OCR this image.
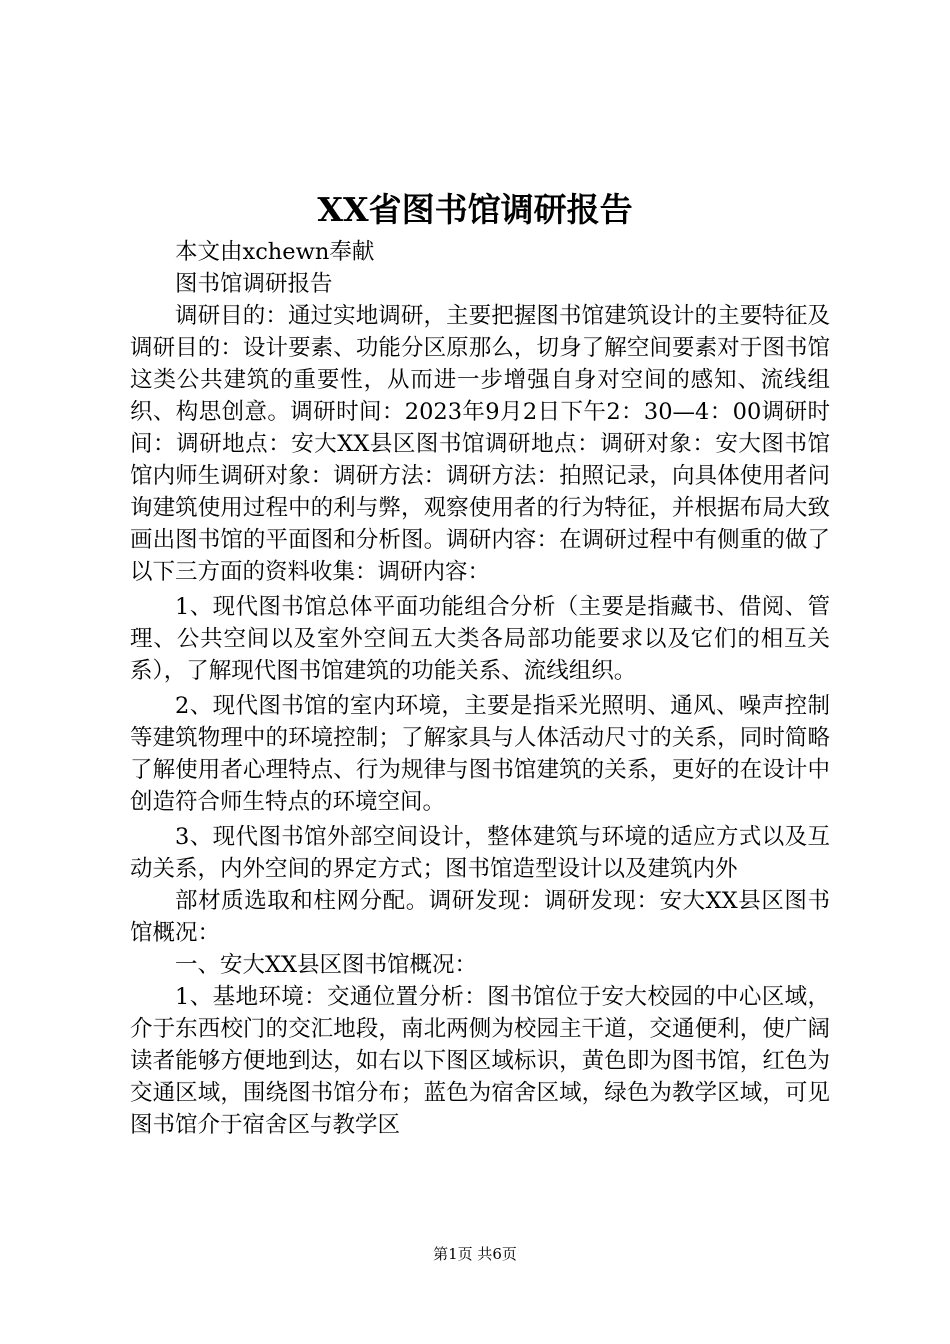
XX省图书馆调研报告

本文由xchewn奉献

图书馆调研报告

调研目的：通过实地调研，主要把握图书馆建筑设计的主要特征及调研目的：设计要素、功能分区原那么，切身了解空间要素对于图书馆这类公共建筑的重要性，从而进一步增强自身对空间的感知、流线组织、构思创意。调研时间：2023年9月2日下午2：30—4：00调研时间：调研地点：安大XX县区图书馆调研地点：调研对象：安大图书馆馆内师生调研对象：调研方法：调研方法：拍照记录，向具体使用者问询建筑使用过程中的利与弊，观察使用者的行为特征，并根据布局大致画出图书馆的平面图和分析图。调研内容：在调研过程中有侧重的做了以下三方面的资料收集：调研内容：

1、现代图书馆总体平面功能组合分析（主要是指藏书、借阅、管理、公共空间以及室外空间五大类各局部功能要求以及它们的相互关系），了解现代图书馆建筑的功能关系、流线组织。

2、现代图书馆的室内环境，主要是指采光照明、通风、噪声控制等建筑物理中的环境控制；了解家具与人体活动尺寸的关系，同时简略了解使用者心理特点、行为规律与图书馆建筑的关系，更好的在设计中创造符合师生特点的环境空间。

3、现代图书馆外部空间设计，整体建筑与环境的适应方式以及互动关系，内外空间的界定方式；图书馆造型设计以及建筑内外

部材质选取和柱网分配。调研发现：调研发现：安大XX县区图书馆概况：

一、安大XX县区图书馆概况：

1、基地环境：交通位置分析：图书馆位于安大校园的中心区域，介于东西校门的交汇地段，南北两侧为校园主干道，交通便利，使广阔读者能够方便地到达，如右以下图区域标识，黄色即为图书馆，红色为交通区域，围绕图书馆分布；蓝色为宿舍区域，绿色为教学区域，可见图书馆介于宿舍区与教学区

第1页 共6页
